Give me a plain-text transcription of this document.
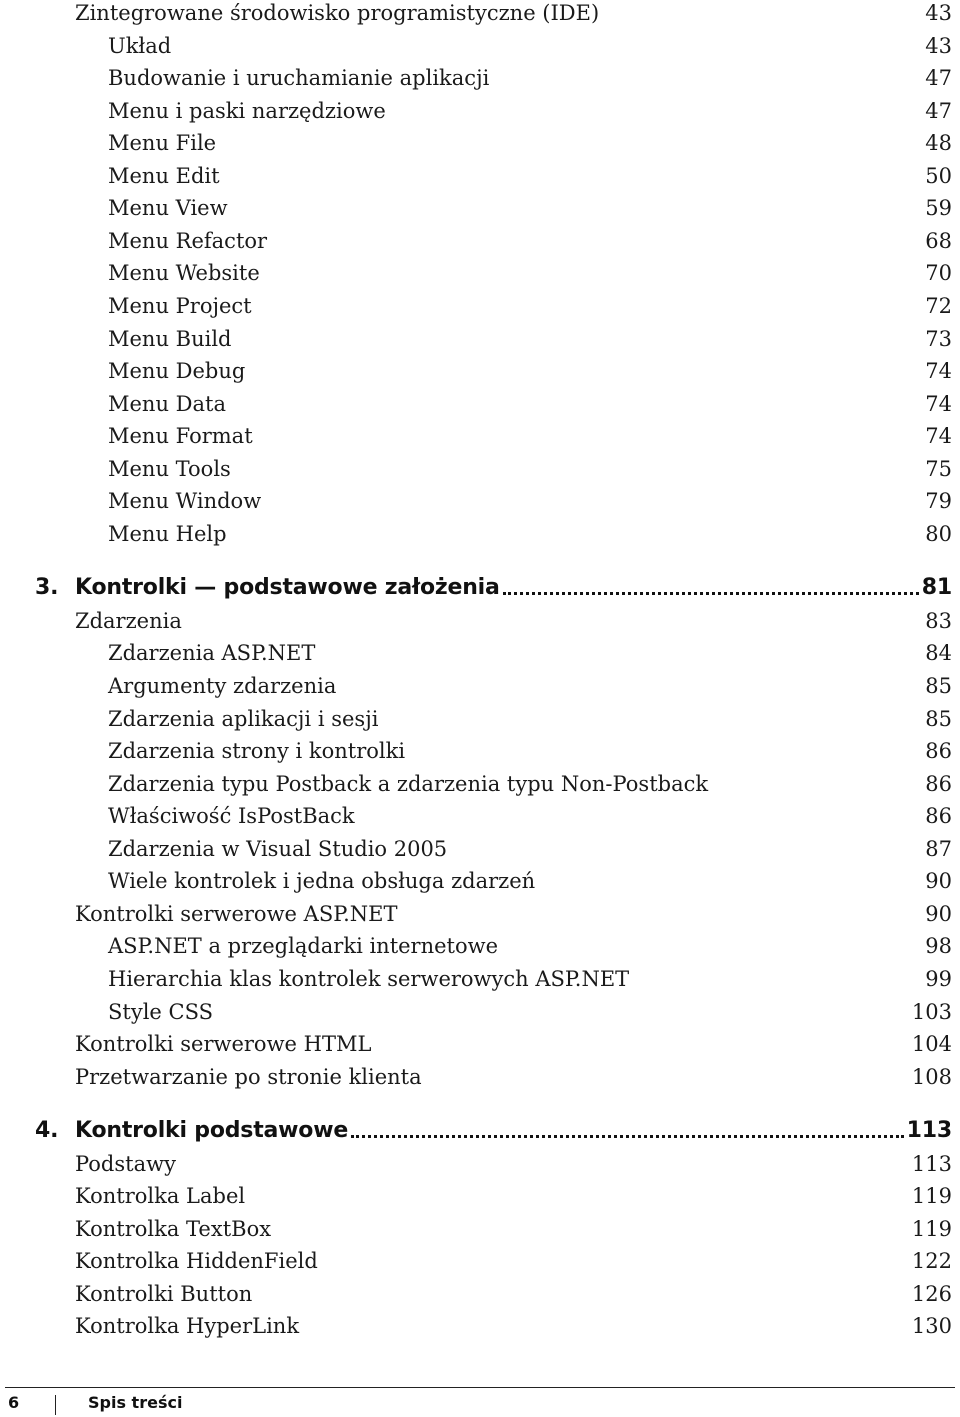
Zintegrowane środowisko programistyczne (IDE)	43
Układ	43
Budowanie i uruchamianie aplikacji	47
Menu i paski narzędziowe	47
Menu File	48
Menu Edit	50
Menu View	59
Menu Refactor	68
Menu Website	70
Menu Project	72
Menu Build	73
Menu Debug	74
Menu Data	74
Menu Format	74
Menu Tools	75
Menu Window	79
Menu Help	80
3. Kontrolki — podstawowe założenia	81
Zdarzenia	83
Zdarzenia ASP.NET	84
Argumenty zdarzenia	85
Zdarzenia aplikacji i sesji	85
Zdarzenia strony i kontrolki	86
Zdarzenia typu Postback a zdarzenia typu Non-Postback	86
Właściwość IsPostBack	86
Zdarzenia w Visual Studio 2005	87
Wiele kontrolek i jedna obsługa zdarzeń	90
Kontrolki serwerowe ASP.NET	90
ASP.NET a przeglądarki internetowe	98
Hierarchia klas kontrolek serwerowych ASP.NET	99
Style CSS	103
Kontrolki serwerowe HTML	104
Przetwarzanie po stronie klienta	108
4. Kontrolki podstawowe	113
Podstawy	113
Kontrolka Label	119
Kontrolka TextBox	119
Kontrolka HiddenField	122
Kontrolki Button	126
Kontrolka HyperLink	130
6	Spis treści
